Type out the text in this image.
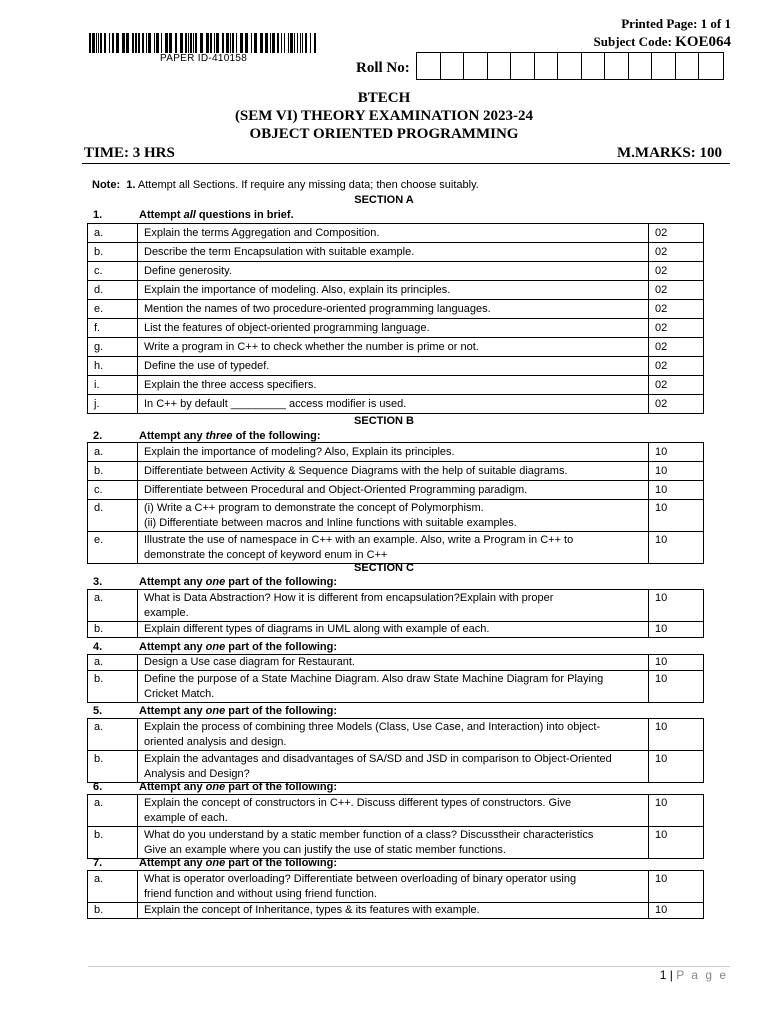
PAPER ID-410158
Printed Page: 1 of 1
Subject Code: KOE064
Roll No:
BTECH
(SEM VI) THEORY EXAMINATION 2023-24
OBJECT ORIENTED PROGRAMMING
TIME: 3 HRS	M.MARKS: 100
Note: 1. Attempt all Sections. If require any missing data; then choose suitably.
SECTION A
1.	Attempt all questions in brief.
a.	Explain the terms Aggregation and Composition.	02
b.	Describe the term Encapsulation with suitable example.	02
c.	Define generosity.	02
d.	Explain the importance of modeling. Also, explain its principles.	02
e.	Mention the names of two procedure-oriented programming languages.	02
f.	List the features of object-oriented programming language.	02
g.	Write a program in C++ to check whether the number is prime or not.	02
h.	Define the use of typedef.	02
i.	Explain the three access specifiers.	02
j.	In C++ by default _________ access modifier is used.	02
SECTION B
2.	Attempt any three of the following:
a.	Explain the importance of modeling? Also, Explain its principles.	10
b.	Differentiate between Activity & Sequence Diagrams with the help of suitable diagrams.	10
c.	Differentiate between Procedural and Object-Oriented Programming paradigm.	10
d.	(i) Write a C++ program to demonstrate the concept of Polymorphism.
(ii) Differentiate between macros and Inline functions with suitable examples.	10
e.	Illustrate the use of namespace in C++ with an example. Also, write a Program in C++ to
demonstrate the concept of keyword enum in C++	10
SECTION C
3.	Attempt any one part of the following:
a.	What is Data Abstraction? How it is different from encapsulation?Explain with proper
example.	10
b.	Explain different types of diagrams in UML along with example of each.	10
4.	Attempt any one part of the following:
a.	Design a Use case diagram for Restaurant.	10
b.	Define the purpose of a State Machine Diagram. Also draw State Machine Diagram for Playing
Cricket Match.	10
5.	Attempt any one part of the following:
a.	Explain the process of combining three Models (Class, Use Case, and Interaction) into object-
oriented analysis and design.	10
b.	Explain the advantages and disadvantages of SA/SD and JSD in comparison to Object-Oriented
Analysis and Design?	10
6.	Attempt any one part of the following:
a.	Explain the concept of constructors in C++. Discuss different types of constructors. Give
example of each.	10
b.	What do you understand by a static member function of a class? Discusstheir characteristics
Give an example where you can justify the use of static member functions.	10
7.	Attempt any one part of the following:
a.	What is operator overloading? Differentiate between overloading of binary operator using
friend function and without using friend function.	10
b.	Explain the concept of Inheritance, types & its features with example.	10
1 | P a g e
